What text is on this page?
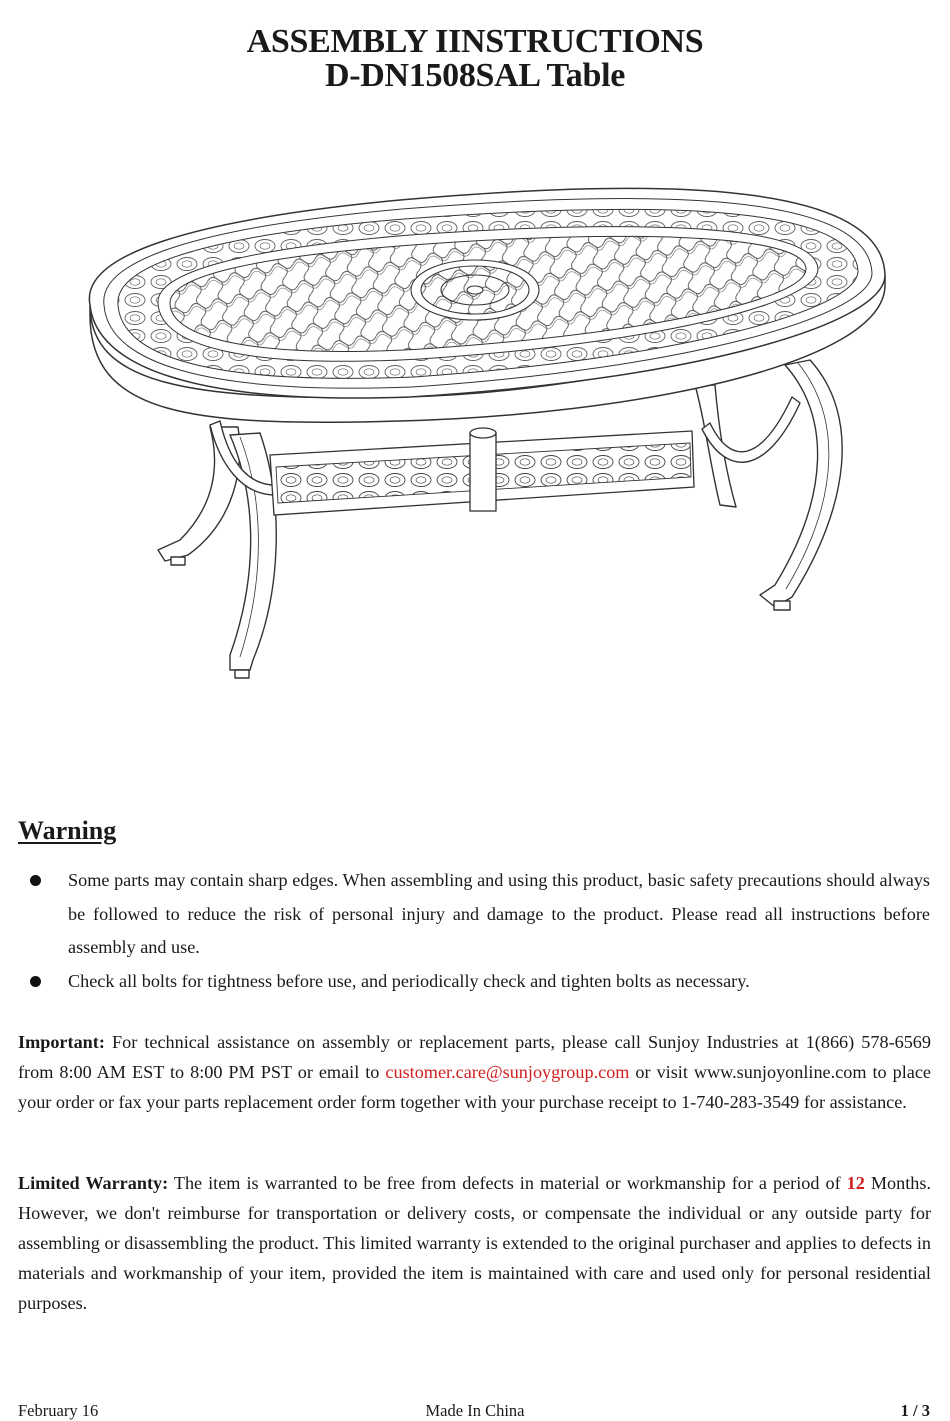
ASSEMBLY IINSTRUCTIONS
D-DN1508SAL Table
Warning
Some parts may contain sharp edges. When assembling and using this product, basic safety precautions should always be followed to reduce the risk of personal injury and damage to the product. Please read all instructions before assembly and use.
Check all bolts for tightness before use, and periodically check and tighten bolts as necessary.

Important: For technical assistance on assembly or replacement parts, please call Sunjoy Industries at 1(866) 578-6569 from 8:00 AM EST to 8:00 PM PST or email to customer.care@sunjoygroup.com or visit www.sunjoyonline.com to place your order or fax your parts replacement order form together with your purchase receipt to 1-740-283-3549 for assistance.

Limited Warranty: The item is warranted to be free from defects in material or workmanship for a period of 12 Months. However, we don't reimburse for transportation or delivery costs, or compensate the individual or any outside party for assembling or disassembling the product. This limited warranty is extended to the original purchaser and applies to defects in materials and workmanship of your item, provided the item is maintained with care and used only for personal residential purposes.

February 16	Made In China	1 / 3
